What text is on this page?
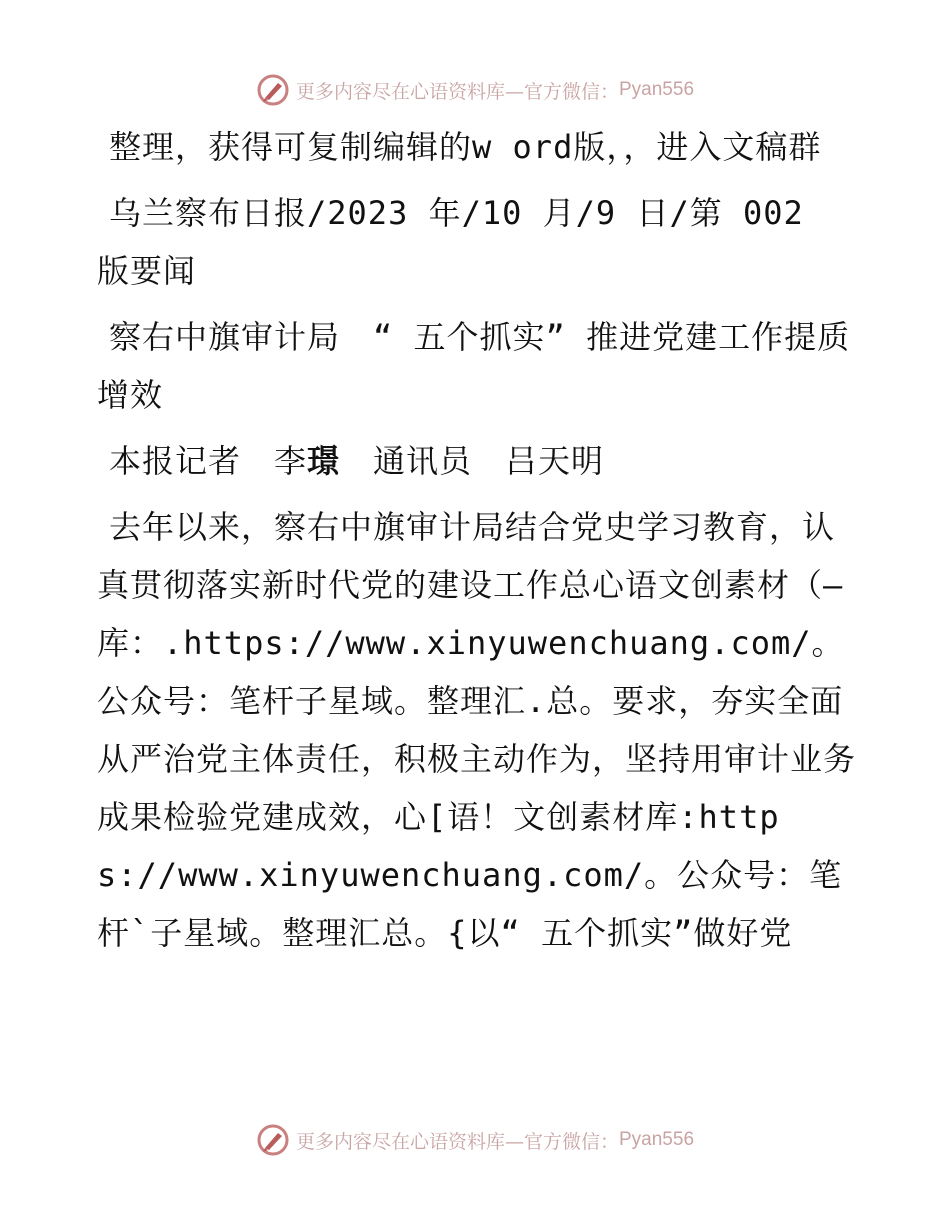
更多内容尽在心语资料库—官方微信： Pyan556

整理，获得可复制编辑的w ord版，，进入文稿群

乌兰察布日报/2023 年/10 月/9 日/第 002 版要闻

察右中旗审计局　“ 五个抓实” 推进党建工作提质增效

本报记者　李璟　通讯员　吕天明

去年以来，察右中旗审计局结合党史学习教育，认真贯彻落实新时代党的建设工作总心语文创素材（—库：.https://www.xinyuwenchuang.com/。公众号：笔杆子星域。整理汇.总。要求，夯实全面从严治党主体责任，积极主动作为，坚持用审计业务成果检验党建成效，心[语！文创素材库:https://www.xinyuwenchuang.com/。公众号：笔杆`子星域。整理汇总。{以“ 五个抓实”做好党

更多内容尽在心语资料库—官方微信： Pyan556
